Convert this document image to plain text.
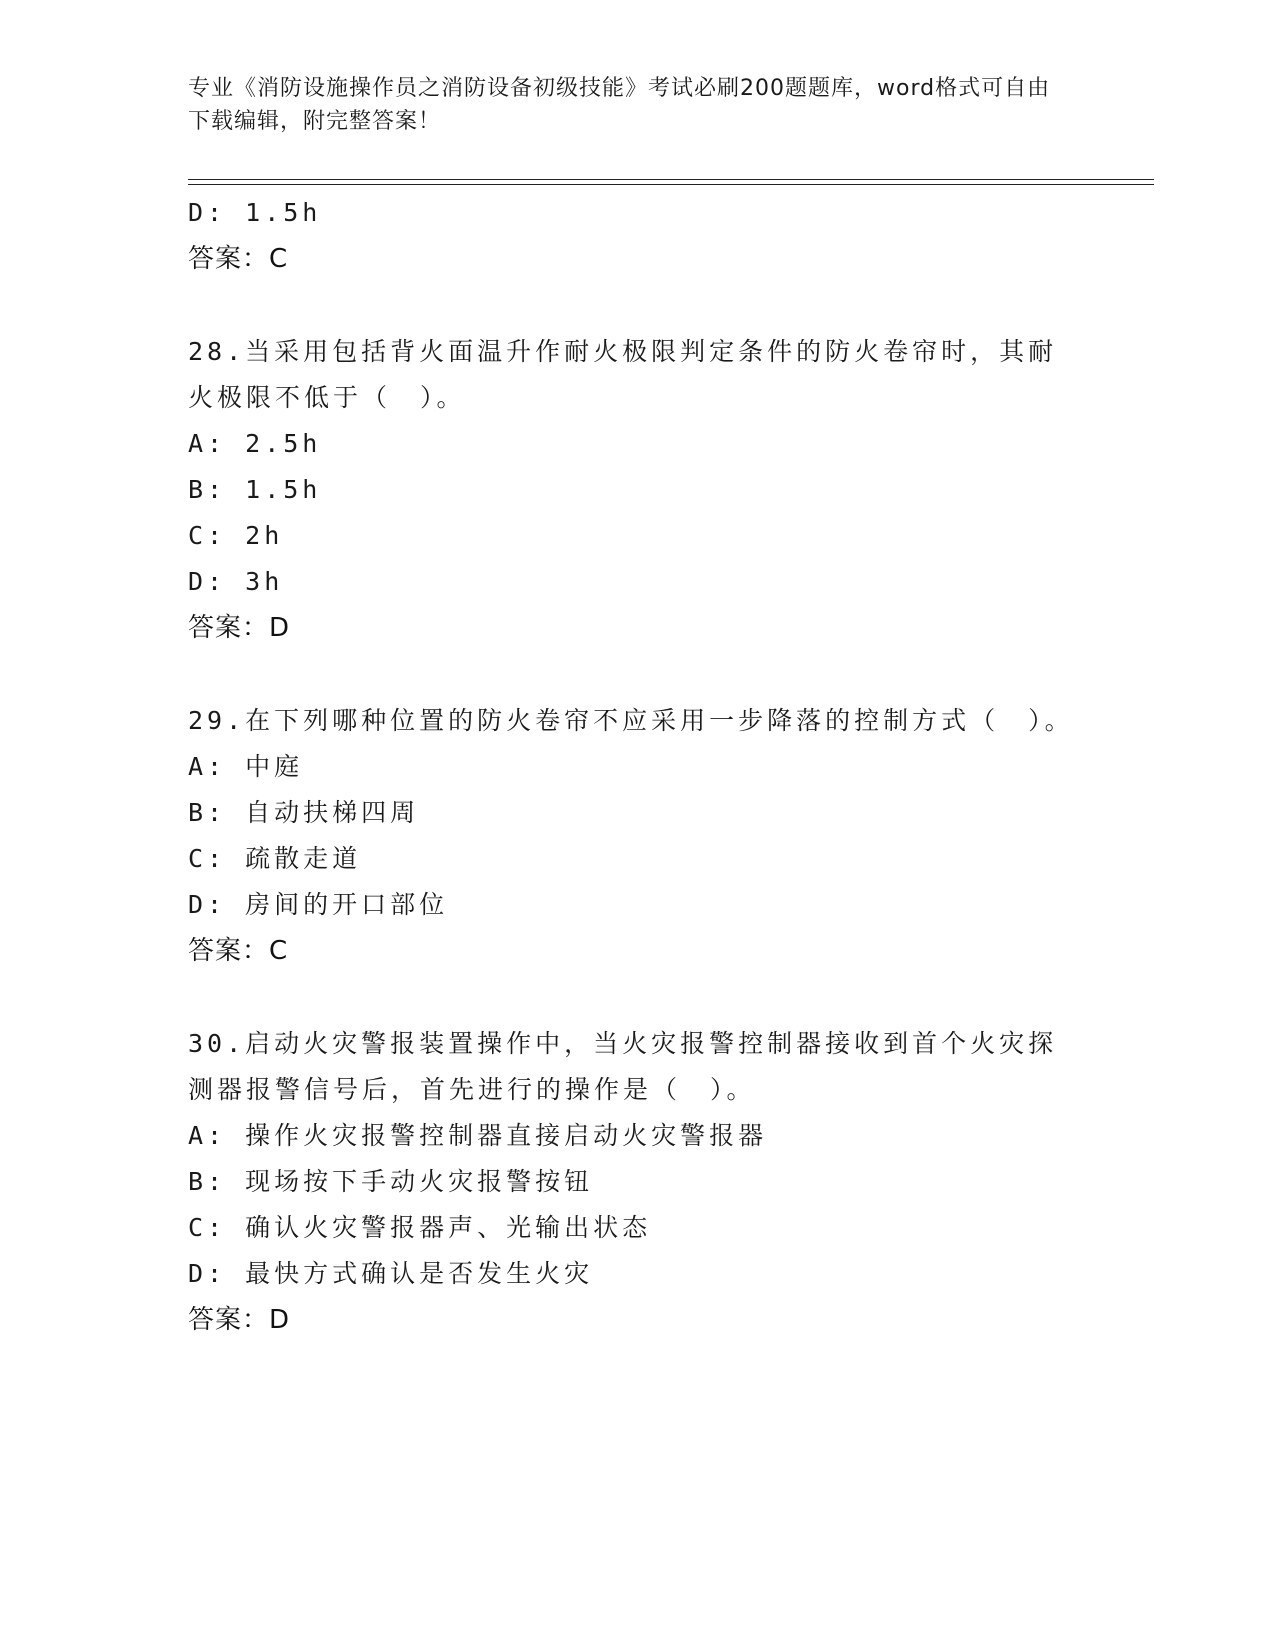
专业《消防设施操作员之消防设备初级技能》考试必刷200题题库，word格式可自由下载编辑，附完整答案！
D: 1.5h
答案：C
28.当采用包括背火面温升作耐火极限判定条件的防火卷帘时，其耐火极限不低于（　）。
A: 2.5h
B: 1.5h
C: 2h
D: 3h
答案：D
29.在下列哪种位置的防火卷帘不应采用一步降落的控制方式（　）。
A: 中庭
B: 自动扶梯四周
C: 疏散走道
D: 房间的开口部位
答案：C
30.启动火灾警报装置操作中，当火灾报警控制器接收到首个火灾探测器报警信号后，首先进行的操作是（　）。
A: 操作火灾报警控制器直接启动火灾警报器
B: 现场按下手动火灾报警按钮
C: 确认火灾警报器声、光输出状态
D: 最快方式确认是否发生火灾
答案：D
